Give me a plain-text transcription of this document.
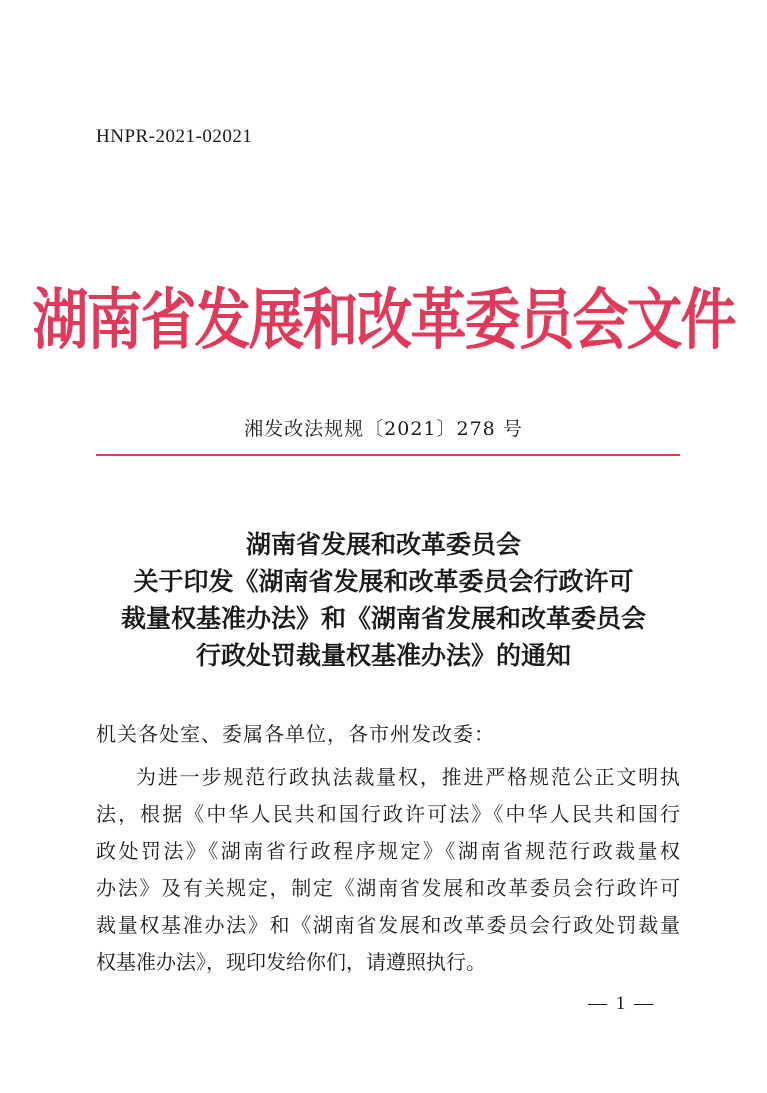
HNPR-2021-02021
湖南省发展和改革委员会文件
湘发改法规规〔2021〕278 号
湖南省发展和改革委员会
关于印发《湖南省发展和改革委员会行政许可
裁量权基准办法》和《湖南省发展和改革委员会
行政处罚裁量权基准办法》的通知
机关各处室、委属各单位，各市州发改委：
为进一步规范行政执法裁量权，推进严格规范公正文明执
法，根据《中华人民共和国行政许可法》《中华人民共和国行
政处罚法》《湖南省行政程序规定》《湖南省规范行政裁量权
办法》及有关规定，制定《湖南省发展和改革委员会行政许可
裁量权基准办法》和《湖南省发展和改革委员会行政处罚裁量
权基准办法》，现印发给你们，请遵照执行。
— 1 —
